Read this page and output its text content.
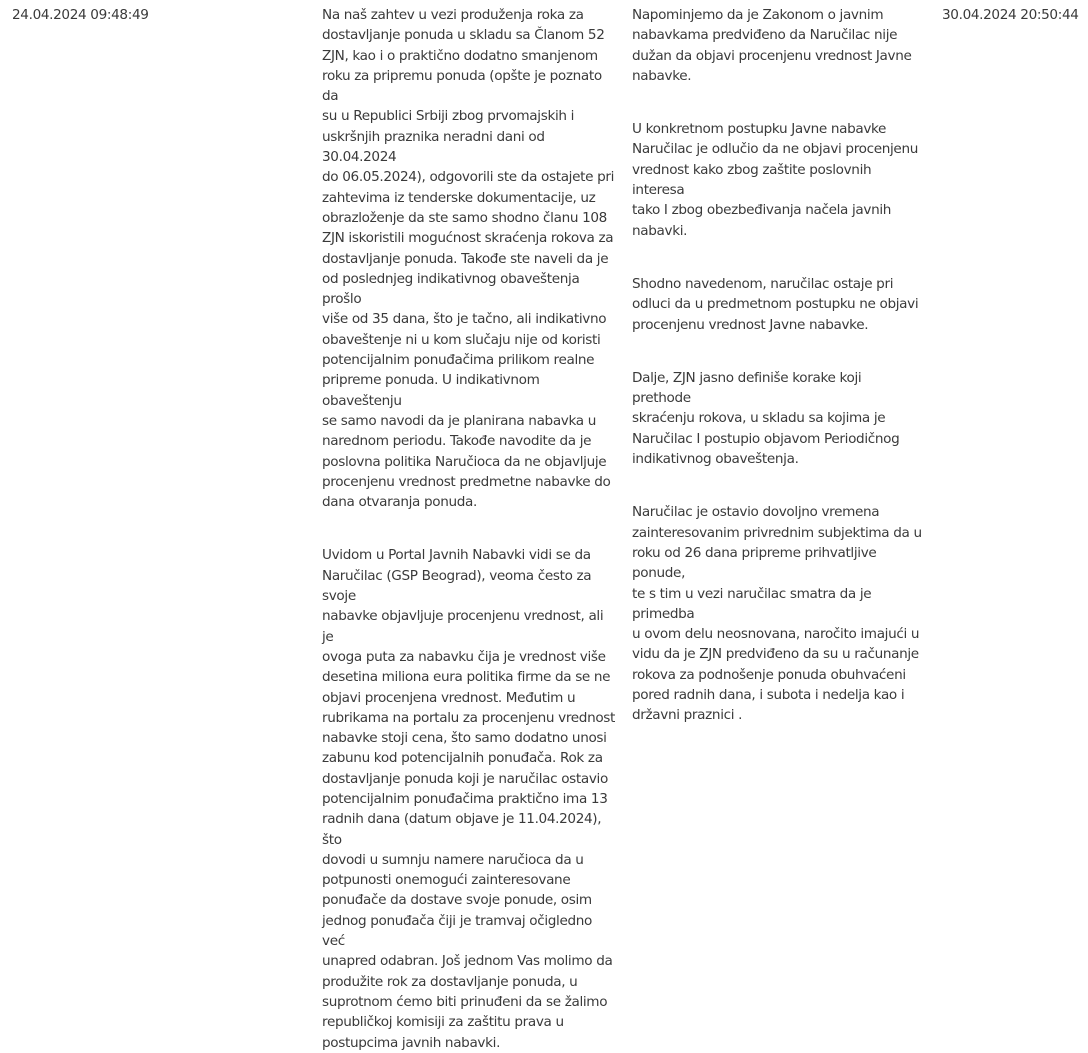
24.04.2024 09:48:49	Na naš zahtev u vezi produženja roka za
dostavljanje ponuda u skladu sa Članom 52
ZJN, kao i o praktično dodatno smanjenom
roku za pripremu ponuda (opšte je poznato da
su u Republici Srbiji zbog prvomajskih i
uskršnjih praznika neradni dani od 30.04.2024
do 06.05.2024), odgovorili ste da ostajete pri
zahtevima iz tenderske dokumentacije, uz
obrazloženje da ste samo shodno članu 108
ZJN iskoristili mogućnost skraćenja rokova za
dostavljanje ponuda. Takođe ste naveli da je
od poslednjeg indikativnog obaveštenja prošlo
više od 35 dana, što je tačno, ali indikativno
obaveštenje ni u kom slučaju nije od koristi
potencijalnim ponuđačima prilikom realne
pripreme ponuda. U indikativnom obaveštenju
se samo navodi da je planirana nabavka u
narednom periodu. Takođe navodite da je
poslovna politika Naručioca da ne objavljuje
procenjenu vrednost predmetne nabavke do
dana otvaranja ponuda.

Uvidom u Portal Javnih Nabavki vidi se da
Naručilac (GSP Beograd), veoma često za svoje
nabavke objavljuje procenjenu vrednost, ali je
ovoga puta za nabavku čija je vrednost više
desetina miliona eura politika firme da se ne
objavi procenjena vrednost. Međutim u
rubrikama na portalu za procenjenu vrednost
nabavke stoji cena, što samo dodatno unosi
zabunu kod potencijalnih ponuđača. Rok za
dostavljanje ponuda koji je naručilac ostavio
potencijalnim ponuđačima praktično ima 13
radnih dana (datum objave je 11.04.2024), što
dovodi u sumnju namere naručioca da u
potpunosti onemogući zainteresovane
ponuđače da dostave svoje ponude, osim
jednog ponuđača čiji je tramvaj očigledno već
unapred odabran. Još jednom Vas molimo da
produžite rok za dostavljanje ponuda, u
suprotnom ćemo biti prinuđeni da se žalimo
republičkoj komisiji za zaštitu prava u
postupcima javnih nabavki.

Napominjemo da je Zakonom o javnim
nabavkama predviđeno da Naručilac nije
dužan da objavi procenjenu vrednost Javne
nabavke.

U konkretnom postupku Javne nabavke
Naručilac je odlučio da ne objavi procenjenu
vrednost kako zbog zaštite poslovnih interesa
tako I zbog obezbeđivanja načela javnih
nabavki.

Shodno navedenom, naručilac ostaje pri
odluci da u predmetnom postupku ne objavi
procenjenu vrednost Javne nabavke.

Dalje, ZJN jasno definiše korake koji prethode
skraćenju rokova, u skladu sa kojima je
Naručilac I postupio objavom Periodičnog
indikativnog obaveštenja.

Naručilac je ostavio dovoljno vremena
zainteresovanim privrednim subjektima da u
roku od 26 dana pripreme prihvatljive ponude,
te s tim u vezi naručilac smatra da je primedba
u ovom delu neosnovana, naročito imajući u
vidu da je ZJN predviđeno da su u računanje
rokova za podnošenje ponuda obuhvaćeni
pored radnih dana, i subota i nedelja kao i
državni praznici .

30.04.2024 20:50:44
